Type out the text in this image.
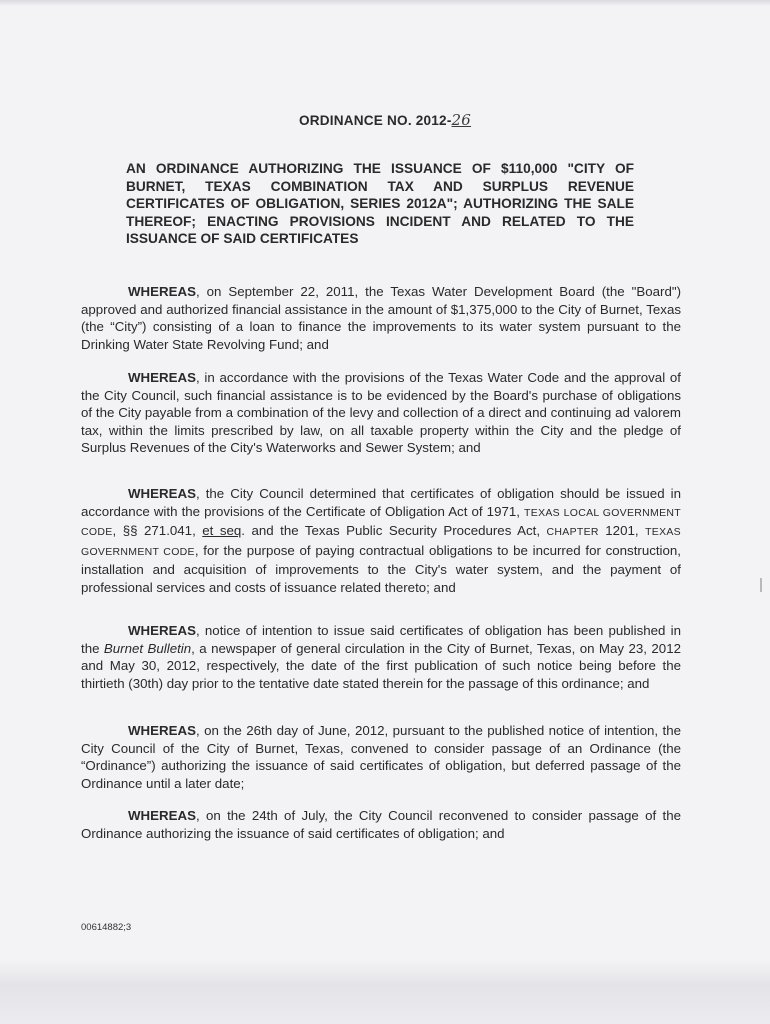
ORDINANCE NO. 2012-26
AN ORDINANCE AUTHORIZING THE ISSUANCE OF $110,000 "CITY OF BURNET, TEXAS COMBINATION TAX AND SURPLUS REVENUE CERTIFICATES OF OBLIGATION, SERIES 2012A"; AUTHORIZING THE SALE THEREOF; ENACTING PROVISIONS INCIDENT AND RELATED TO THE ISSUANCE OF SAID CERTIFICATES
WHEREAS, on September 22, 2011, the Texas Water Development Board (the "Board") approved and authorized financial assistance in the amount of $1,375,000 to the City of Burnet, Texas (the “City”) consisting of a loan to finance the improvements to its water system pursuant to the Drinking Water State Revolving Fund; and
WHEREAS, in accordance with the provisions of the Texas Water Code and the approval of the City Council, such financial assistance is to be evidenced by the Board's purchase of obligations of the City payable from a combination of the levy and collection of a direct and continuing ad valorem tax, within the limits prescribed by law, on all taxable property within the City and the pledge of Surplus Revenues of the City's Waterworks and Sewer System; and
WHEREAS, the City Council determined that certificates of obligation should be issued in accordance with the provisions of the Certificate of Obligation Act of 1971, TEXAS LOCAL GOVERNMENT CODE, §§ 271.041, et seq. and the Texas Public Security Procedures Act, CHAPTER 1201, TEXAS GOVERNMENT CODE, for the purpose of paying contractual obligations to be incurred for construction, installation and acquisition of improvements to the City's water system, and the payment of professional services and costs of issuance related thereto; and
WHEREAS, notice of intention to issue said certificates of obligation has been published in the Burnet Bulletin, a newspaper of general circulation in the City of Burnet, Texas, on May 23, 2012 and May 30, 2012, respectively, the date of the first publication of such notice being before the thirtieth (30th) day prior to the tentative date stated therein for the passage of this ordinance; and
WHEREAS, on the 26th day of June, 2012, pursuant to the published notice of intention, the City Council of the City of Burnet, Texas, convened to consider passage of an Ordinance (the “Ordinance”) authorizing the issuance of said certificates of obligation, but deferred passage of the Ordinance until a later date;
WHEREAS, on the 24th of July, the City Council reconvened to consider passage of the Ordinance authorizing the issuance of said certificates of obligation; and
00614882;3
